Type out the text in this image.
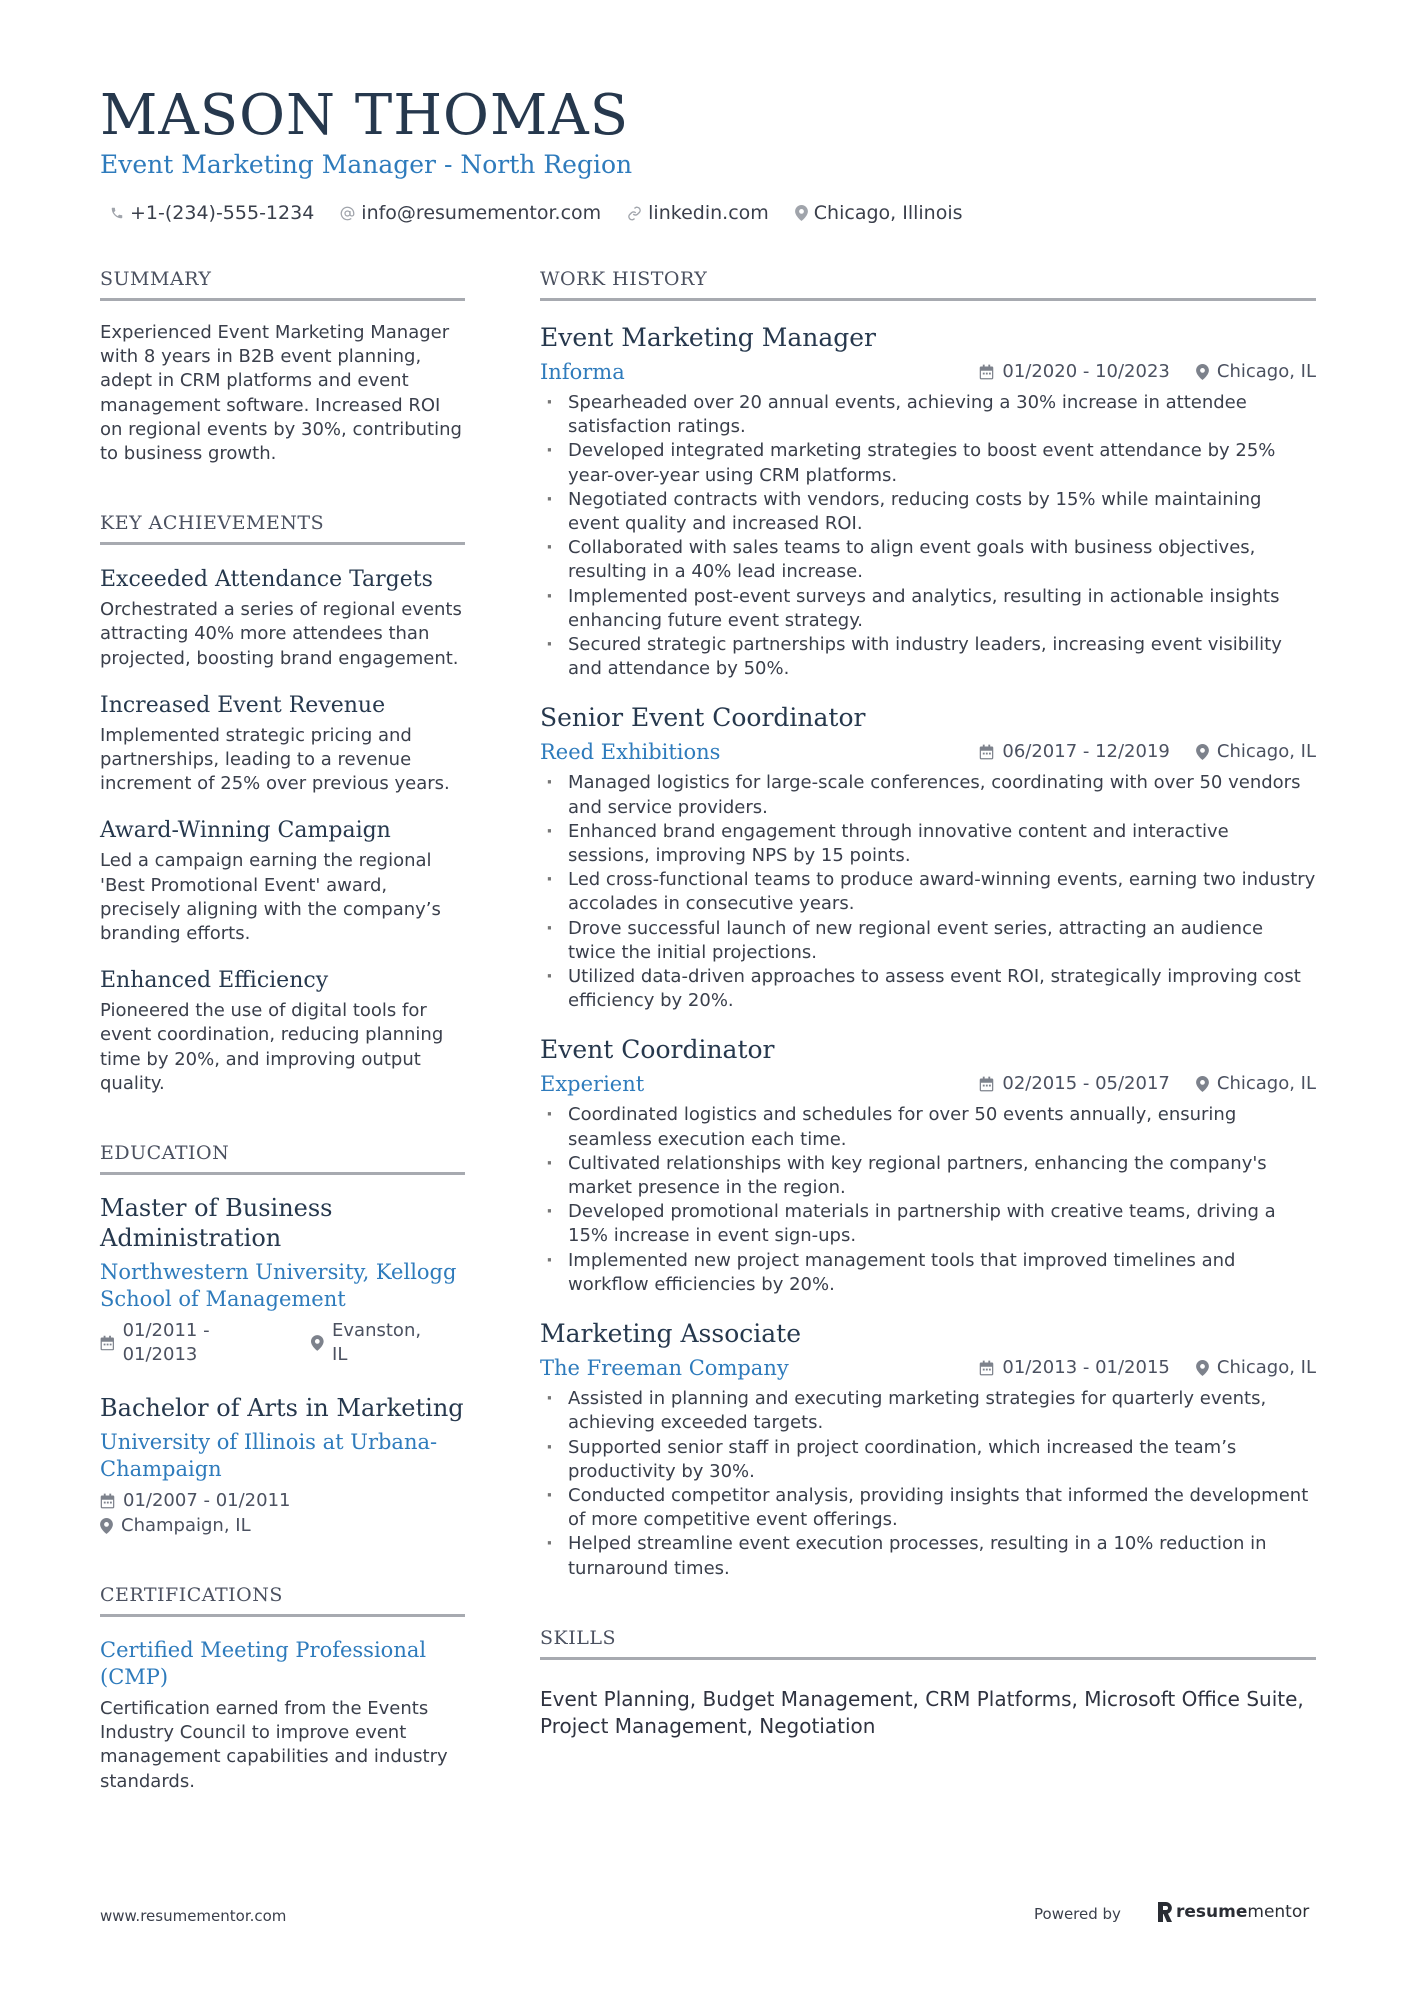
MASON THOMAS
Event Marketing Manager - North Region
+1-(234)-555-1234 info@resumementor.com linkedin.com Chicago, Illinois
SUMMARY

Experienced Event Marketing Manager with 8 years in B2B event planning, adept in CRM platforms and event management software. Increased ROI on regional events by 30%, contributing to business growth.

KEY ACHIEVEMENTS
Exceeded Attendance Targets

Orchestrated a series of regional events attracting 40% more attendees than projected, boosting brand engagement.

Increased Event Revenue

Implemented strategic pricing and partnerships, leading to a revenue increment of 25% over previous years.

Award-Winning Campaign

Led a campaign earning the regional 'Best Promotional Event' award, precisely aligning with the company’s branding efforts.

Enhanced Efficiency

Pioneered the use of digital tools for event coordination, reducing planning time by 20%, and improving output quality.

EDUCATION
Master of Business Administration
Northwestern University, Kellogg School of Management
01/2011 - 01/2013
Evanston, IL
Bachelor of Arts in Marketing
University of Illinois at Urbana-Champaign
01/2007 - 01/2011
Champaign, IL
CERTIFICATIONS
Certified Meeting Professional (CMP)

Certification earned from the Events Industry Council to improve event management capabilities and industry standards.

WORK HISTORY
Event Marketing Manager
Informa	01/2020 - 10/2023	Chicago, IL
· Spearheaded over 20 annual events, achieving a 30% increase in attendee satisfaction ratings.
· Developed integrated marketing strategies to boost event attendance by 25% year-over-year using CRM platforms.
· Negotiated contracts with vendors, reducing costs by 15% while maintaining event quality and increased ROI.
· Collaborated with sales teams to align event goals with business objectives, resulting in a 40% lead increase.
· Implemented post-event surveys and analytics, resulting in actionable insights enhancing future event strategy.
· Secured strategic partnerships with industry leaders, increasing event visibility and attendance by 50%.
Senior Event Coordinator
Reed Exhibitions	06/2017 - 12/2019	Chicago, IL
· Managed logistics for large-scale conferences, coordinating with over 50 vendors and service providers.
· Enhanced brand engagement through innovative content and interactive sessions, improving NPS by 15 points.
· Led cross-functional teams to produce award-winning events, earning two industry accolades in consecutive years.
· Drove successful launch of new regional event series, attracting an audience twice the initial projections.
· Utilized data-driven approaches to assess event ROI, strategically improving cost efficiency by 20%.
Event Coordinator
Experient	02/2015 - 05/2017	Chicago, IL
· Coordinated logistics and schedules for over 50 events annually, ensuring seamless execution each time.
· Cultivated relationships with key regional partners, enhancing the company's market presence in the region.
· Developed promotional materials in partnership with creative teams, driving a 15% increase in event sign-ups.
· Implemented new project management tools that improved timelines and workflow efficiencies by 20%.
Marketing Associate
The Freeman Company	01/2013 - 01/2015	Chicago, IL
· Assisted in planning and executing marketing strategies for quarterly events, achieving exceeded targets.
· Supported senior staff in project coordination, which increased the team’s productivity by 30%.
· Conducted competitor analysis, providing insights that informed the development of more competitive event offerings.
· Helped streamline event execution processes, resulting in a 10% reduction in turnaround times.
SKILLS

Event Planning, Budget Management, CRM Platforms, Microsoft Office Suite, Project Management, Negotiation

www.resumementor.com	Powered by	resume mentor
